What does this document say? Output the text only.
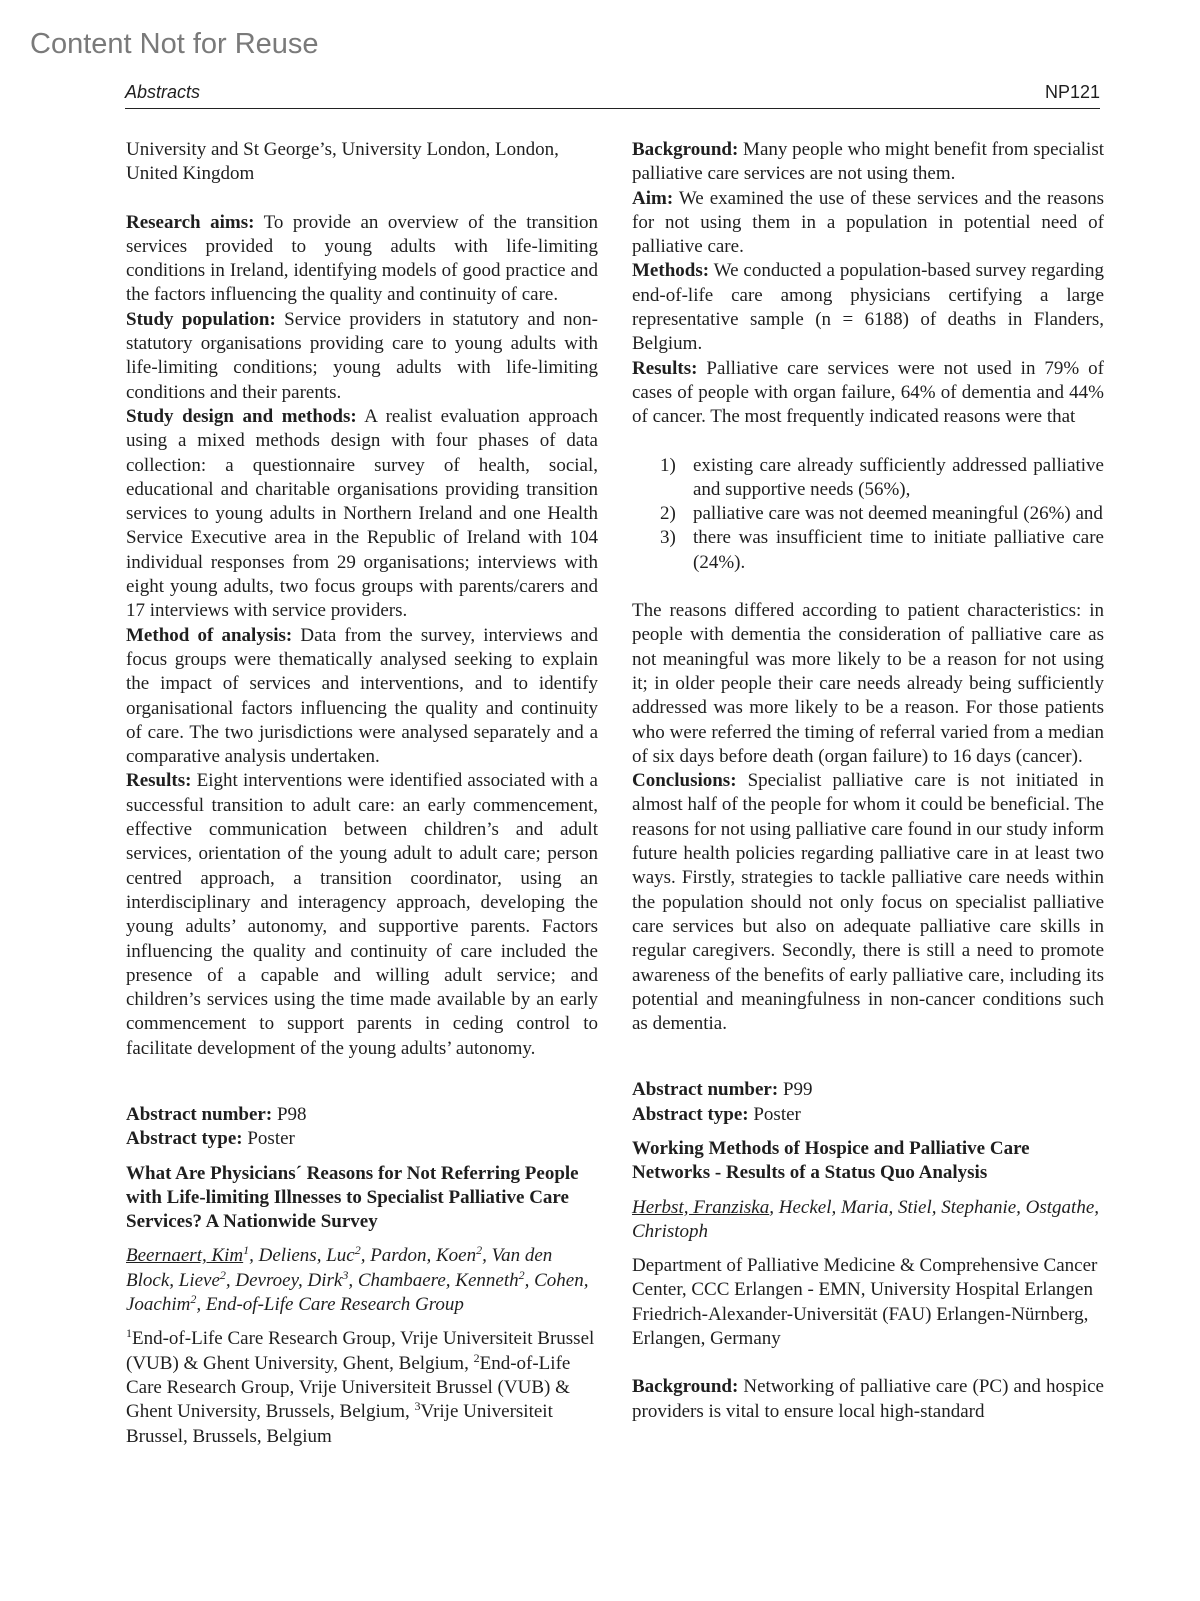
Content Not for Reuse
Abstracts	NP121

University and St George’s, University London, London, United Kingdom

Research aims: To provide an overview of the transition services provided to young adults with life-limiting conditions in Ireland, identifying models of good practice and the factors influencing the quality and continuity of care.

Study population: Service providers in statutory and non-statutory organisations providing care to young adults with life-limiting conditions; young adults with life-limiting conditions and their parents.

Study design and methods: A realist evaluation approach using a mixed methods design with four phases of data collection: a questionnaire survey of health, social, educational and charitable organisations providing transition services to young adults in Northern Ireland and one Health Service Executive area in the Republic of Ireland with 104 individual responses from 29 organisations; interviews with eight young adults, two focus groups with parents/carers and 17 interviews with service providers.

Method of analysis: Data from the survey, interviews and focus groups were thematically analysed seeking to explain the impact of services and interventions, and to identify organisational factors influencing the quality and continuity of care. The two jurisdictions were analysed separately and a comparative analysis undertaken.

Results: Eight interventions were identified associated with a successful transition to adult care: an early commencement, effective communication between children’s and adult services, orientation of the young adult to adult care; person centred approach, a transition coordinator, using an interdisciplinary and interagency approach, developing the young adults’ autonomy, and supportive parents. Factors influencing the quality and continuity of care included the presence of a capable and willing adult service; and children’s services using the time made available by an early commencement to support parents in ceding control to facilitate development of the young adults’ autonomy.

Abstract number: P98

Abstract type: Poster

What Are Physicians´ Reasons for Not Referring People with Life-limiting Illnesses to Specialist Palliative Care Services? A Nationwide Survey

Beernaert, Kim$^1$, Deliens, Luc$^2$, Pardon, Koen$^2$, Van den Block, Lieve$^2$, Devroey, Dirk$^3$, Chambaere, Kenneth$^2$, Cohen, Joachim$^2$, End-of-Life Care Research Group

$^1$End-of-Life Care Research Group, Vrije Universiteit Brussel (VUB) & Ghent University, Ghent, Belgium, $^2$End-of-Life Care Research Group, Vrije Universiteit Brussel (VUB) & Ghent University, Brussels, Belgium, $^3$Vrije Universiteit Brussel, Brussels, Belgium

Background: Many people who might benefit from specialist palliative care services are not using them.

Aim: We examined the use of these services and the reasons for not using them in a population in potential need of palliative care.

Methods: We conducted a population-based survey regarding end-of-life care among physicians certifying a large representative sample (n = 6188) of deaths in Flanders, Belgium.

Results: Palliative care services were not used in 79% of cases of people with organ failure, 64% of dementia and 44% of cancer. The most frequently indicated reasons were that

1) existing care already sufficiently addressed palliative and supportive needs (56%),
2) palliative care was not deemed meaningful (26%) and
3) there was insufficient time to initiate palliative care (24%).

The reasons differed according to patient characteristics: in people with dementia the consideration of palliative care as not meaningful was more likely to be a reason for not using it; in older people their care needs already being sufficiently addressed was more likely to be a reason. For those patients who were referred the timing of referral varied from a median of six days before death (organ failure) to 16 days (cancer).

Conclusions: Specialist palliative care is not initiated in almost half of the people for whom it could be beneficial. The reasons for not using palliative care found in our study inform future health policies regarding palliative care in at least two ways. Firstly, strategies to tackle palliative care needs within the population should not only focus on specialist palliative care services but also on adequate palliative care skills in regular caregivers. Secondly, there is still a need to promote awareness of the benefits of early palliative care, including its potential and meaningfulness in non-cancer conditions such as dementia.

Abstract number: P99

Abstract type: Poster

Working Methods of Hospice and Palliative Care Networks - Results of a Status Quo Analysis

Herbst, Franziska, Heckel, Maria, Stiel, Stephanie, Ostgathe, Christoph

Department of Palliative Medicine & Comprehensive Cancer Center, CCC Erlangen - EMN, University Hospital Erlangen Friedrich-Alexander-Universität (FAU) Erlangen-Nürnberg, Erlangen, Germany

Background: Networking of palliative care (PC) and hospice providers is vital to ensure local high-standard
